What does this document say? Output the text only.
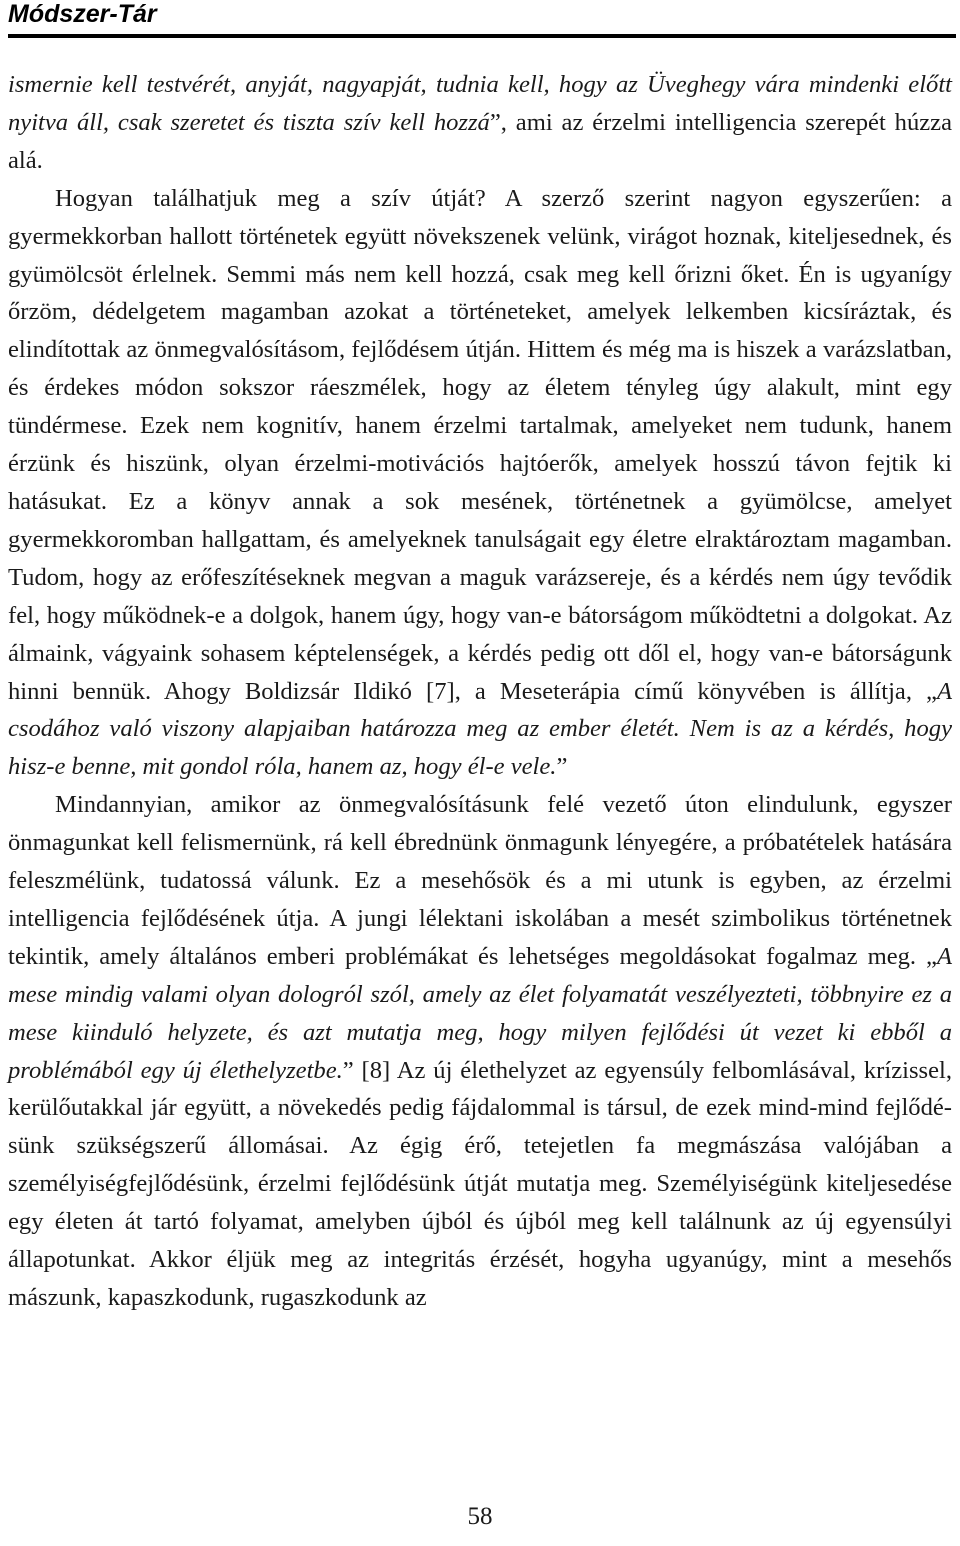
Módszer-Tár

ismernie kell testvérét, anyját, nagyapját, tudnia kell, hogy az Üveghegy vára mindenki előtt nyitva áll, csak szeretet és tiszta szív kell hozzá”, ami az érzelmi intelligencia szerepét húzza alá.

Hogyan találhatjuk meg a szív útját? A szerző szerint nagyon egyszerűen: a gyermekkorban hallott történetek együtt növekszenek velünk, virágot hoznak, kiteljesednek, és gyümölcsöt érlelnek. Semmi más nem kell hozzá, csak meg kell őrizni őket. Én is ugyanígy őrzöm, dédelgetem magamban azokat a történeteket, amelyek lelkemben kicsíráztak, és elindítottak az önmegvalósításom, fejlődésem útján. Hittem és még ma is hiszek a varázslatban, és érdekes módon sokszor ráeszmélek, hogy az életem tényleg úgy alakult, mint egy tündérmese. Ezek nem kognitív, hanem érzelmi tartalmak, amelyeket nem tudunk, hanem érzünk és hiszünk, olyan érzelmi-motivációs hajtóerők, amelyek hosszú távon fejtik ki hatásukat. Ez a könyv annak a sok mesének, történetnek a gyümölcse, amelyet gyermekkoromban hallgattam, és amelyeknek tanulságait egy életre elraktároztam magamban. Tudom, hogy az erőfeszítéseknek megvan a maguk varázsereje, és a kérdés nem úgy tevődik fel, hogy működnek-e a dolgok, hanem úgy, hogy van-e bátorságom működtetni a dolgokat. Az álmaink, vágyaink sohasem képtelenségek, a kérdés pedig ott dől el, hogy van-e bátorságunk hinni bennük. Ahogy Boldizsár Ildikó [7], a Meseterápia című könyvében is állítja, „A csodához való viszony alapjaiban határozza meg az ember életét. Nem is az a kérdés, hogy hisz-e benne, mit gondol róla, hanem az, hogy él-e vele.”

Mindannyian, amikor az önmegvalósításunk felé vezető úton elindulunk, egyszer önmagunkat kell felismernünk, rá kell ébrednünk önmagunk lényegére, a próbatételek hatására feleszmélünk, tudatossá válunk. Ez a mesehősök és a mi utunk is egyben, az érzelmi intelligencia fejlődésének útja. A jungi lélektani iskolában a mesét szimbolikus történetnek tekintik, amely általános emberi problémákat és lehetséges megoldásokat fogalmaz meg. „A mese mindig valami olyan dologról szól, amely az élet folyamatát veszélyezteti, többnyire ez a mese kiinduló helyzete, és azt mutatja meg, hogy milyen fejlődési út vezet ki ebből a problémából egy új élethelyzetbe.” [8] Az új élethelyzet az egyensúly felbomlásával, krízissel, kerülőutakkal jár együtt, a növekedés pedig fájdalommal is társul, de ezek mind-mind fejlődésünk szükségszerű állomásai. Az égig érő, tetejetlen fa megmászása valójában a személyiségfejlődésünk, érzelmi fejlődésünk útját mutatja meg. Személyiségünk kiteljesedése egy életen át tartó folyamat, amelyben újból és újból meg kell találnunk az új egyensúlyi állapotunkat. Akkor éljük meg az integritás érzését, hogyha ugyanúgy, mint a mesehős mászunk, kapaszkodunk, rugaszkodunk az

58
